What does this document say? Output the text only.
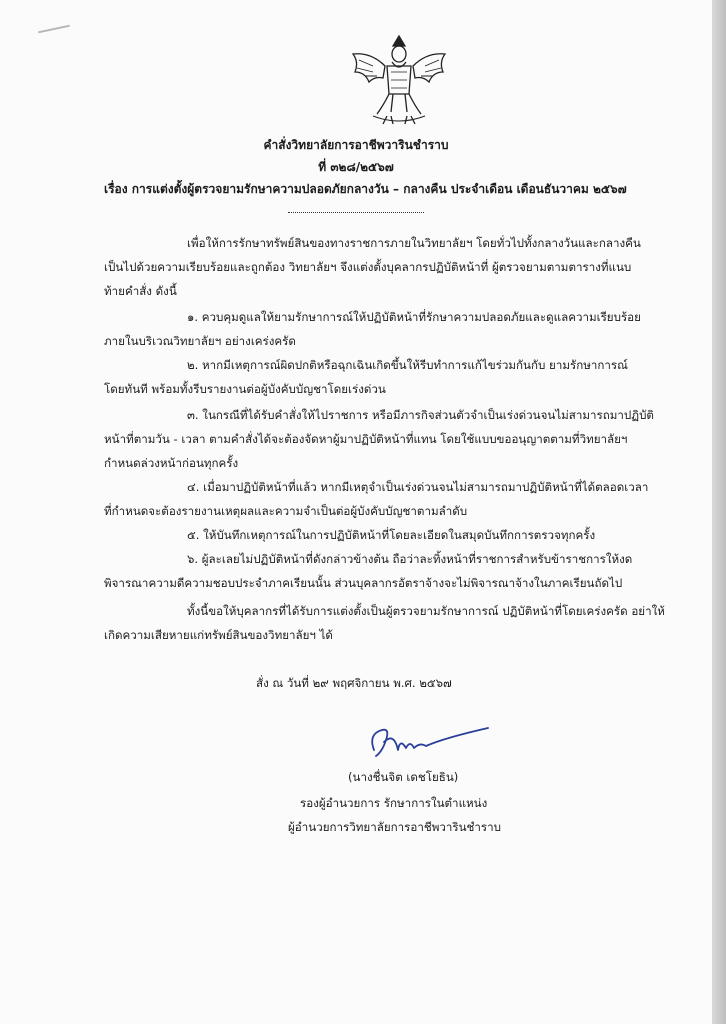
คำสั่งวิทยาลัยการอาชีพวารินชำราบ
ที่ ๓๒๘/๒๕๖๗
เรื่อง การแต่งตั้งผู้ตรวจยามรักษาความปลอดภัยกลางวัน – กลางคืน ประจำเดือน เดือนธันวาคม ๒๕๖๗
เพื่อให้การรักษาทรัพย์สินของทางราชการภายในวิทยาลัยฯ โดยทั่วไปทั้งกลางวันและกลางคืน
เป็นไปด้วยความเรียบร้อยและถูกต้อง วิทยาลัยฯ จึงแต่งตั้งบุคลากรปฏิบัติหน้าที่ ผู้ตรวจยามตามตารางที่แนบ
ท้ายคำสั่ง ดังนี้
๑. ควบคุมดูแลให้ยามรักษาการณ์ให้ปฏิบัติหน้าที่รักษาความปลอดภัยและดูแลความเรียบร้อย
ภายในบริเวณวิทยาลัยฯ อย่างเคร่งครัด
๒. หากมีเหตุการณ์ผิดปกติหรือฉุกเฉินเกิดขึ้นให้รีบทำการแก้ไขร่วมกันกับ ยามรักษาการณ์
โดยทันที พร้อมทั้งรีบรายงานต่อผู้บังคับบัญชาโดยเร่งด่วน
๓. ในกรณีที่ได้รับคำสั่งให้ไปราชการ หรือมีภารกิจส่วนตัวจำเป็นเร่งด่วนจนไม่สามารถมาปฏิบัติ
หน้าที่ตามวัน - เวลา ตามคำสั่งได้จะต้องจัดหาผู้มาปฏิบัติหน้าที่แทน โดยใช้แบบขออนุญาตตามที่วิทยาลัยฯ
กำหนดล่วงหน้าก่อนทุกครั้ง
๔. เมื่อมาปฏิบัติหน้าที่แล้ว หากมีเหตุจำเป็นเร่งด่วนจนไม่สามารถมาปฏิบัติหน้าที่ได้ตลอดเวลา
ที่กำหนดจะต้องรายงานเหตุผลและความจำเป็นต่อผู้บังคับบัญชาตามลำดับ
๕. ให้บันทึกเหตุการณ์ในการปฏิบัติหน้าที่โดยละเอียดในสมุดบันทึกการตรวจทุกครั้ง
๖. ผู้ละเลยไม่ปฏิบัติหน้าที่ดังกล่าวข้างต้น ถือว่าละทิ้งหน้าที่ราชการสำหรับข้าราชการให้งด
พิจารณาความดีความชอบประจำภาคเรียนนั้น ส่วนบุคลากรอัตราจ้างจะไม่พิจารณาจ้างในภาคเรียนถัดไป
ทั้งนี้ขอให้บุคลากรที่ได้รับการแต่งตั้งเป็นผู้ตรวจยามรักษาการณ์ ปฏิบัติหน้าที่โดยเคร่งครัด อย่าให้
เกิดความเสียหายแก่ทรัพย์สินของวิทยาลัยฯ ได้
สั่ง ณ วันที่ ๒๙ พฤศจิกายน พ.ศ. ๒๕๖๗
(นางชื่นจิต เดชโยธิน)
รองผู้อำนวยการ รักษาการในตำแหน่ง
ผู้อำนวยการวิทยาลัยการอาชีพวารินชำราบ
